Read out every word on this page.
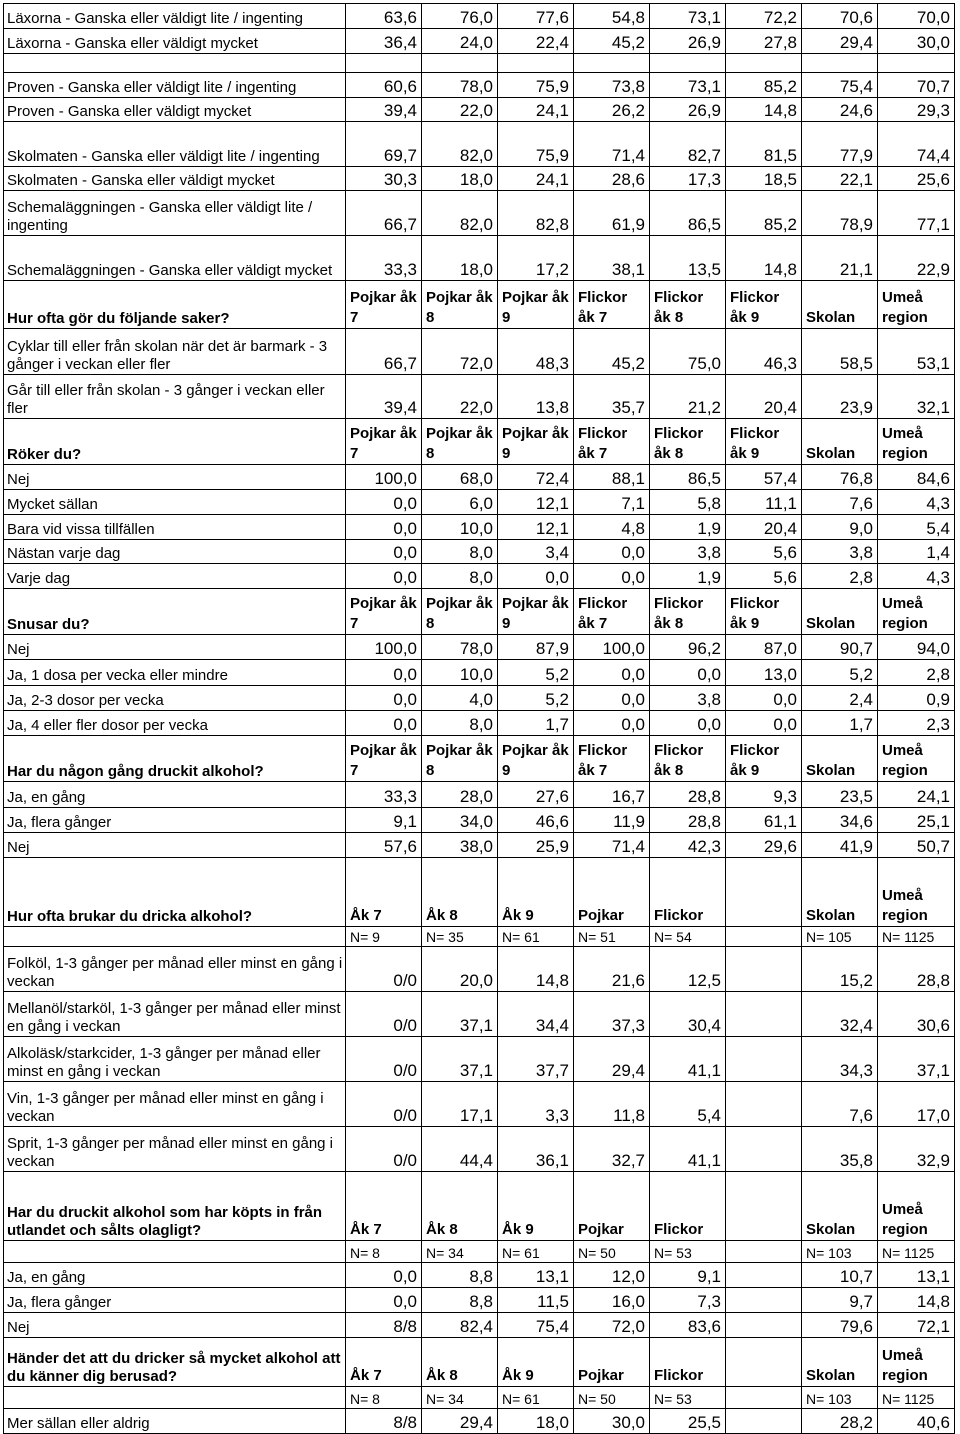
Läxorna - Ganska eller väldigt lite / ingenting	63,6	76,0	77,6	54,8	73,1	72,2	70,6	70,0
Läxorna - Ganska eller väldigt mycket	36,4	24,0	22,4	45,2	26,9	27,8	29,4	30,0

Proven - Ganska eller väldigt lite / ingenting	60,6	78,0	75,9	73,8	73,1	85,2	75,4	70,7
Proven - Ganska eller väldigt mycket	39,4	22,0	24,1	26,2	26,9	14,8	24,6	29,3
Skolmaten - Ganska eller väldigt lite / ingenting	69,7	82,0	75,9	71,4	82,7	81,5	77,9	74,4
Skolmaten - Ganska eller väldigt mycket	30,3	18,0	24,1	28,6	17,3	18,5	22,1	25,6
Schemaläggningen - Ganska eller väldigt lite / ingenting	66,7	82,0	82,8	61,9	86,5	85,2	78,9	77,1
Schemaläggningen - Ganska eller väldigt mycket	33,3	18,0	17,2	38,1	13,5	14,8	21,1	22,9
Hur ofta gör du följande saker?	Pojkar åk 7	Pojkar åk 8	Pojkar åk 9	Flickor åk 7	Flickor åk 8	Flickor åk 9	Skolan	Umeå region
Cyklar till eller från skolan när det är barmark - 3 gånger i veckan eller fler	66,7	72,0	48,3	45,2	75,0	46,3	58,5	53,1
Går till eller från skolan - 3 gånger i veckan eller fler	39,4	22,0	13,8	35,7	21,2	20,4	23,9	32,1
Röker du?	Pojkar åk 7	Pojkar åk 8	Pojkar åk 9	Flickor åk 7	Flickor åk 8	Flickor åk 9	Skolan	Umeå region
Nej	100,0	68,0	72,4	88,1	86,5	57,4	76,8	84,6
Mycket sällan	0,0	6,0	12,1	7,1	5,8	11,1	7,6	4,3
Bara vid vissa tillfällen	0,0	10,0	12,1	4,8	1,9	20,4	9,0	5,4
Nästan varje dag	0,0	8,0	3,4	0,0	3,8	5,6	3,8	1,4
Varje dag	0,0	8,0	0,0	0,0	1,9	5,6	2,8	4,3
Snusar du?	Pojkar åk 7	Pojkar åk 8	Pojkar åk 9	Flickor åk 7	Flickor åk 8	Flickor åk 9	Skolan	Umeå region
Nej	100,0	78,0	87,9	100,0	96,2	87,0	90,7	94,0
Ja, 1 dosa per vecka eller mindre	0,0	10,0	5,2	0,0	0,0	13,0	5,2	2,8
Ja, 2-3 dosor per vecka	0,0	4,0	5,2	0,0	3,8	0,0	2,4	0,9
Ja, 4 eller fler dosor per vecka	0,0	8,0	1,7	0,0	0,0	0,0	1,7	2,3
Har du någon gång druckit alkohol?	Pojkar åk 7	Pojkar åk 8	Pojkar åk 9	Flickor åk 7	Flickor åk 8	Flickor åk 9	Skolan	Umeå region
Ja, en gång	33,3	28,0	27,6	16,7	28,8	9,3	23,5	24,1
Ja, flera gånger	9,1	34,0	46,6	11,9	28,8	61,1	34,6	25,1
Nej	57,6	38,0	25,9	71,4	42,3	29,6	41,9	50,7
Hur ofta brukar du dricka alkohol?	Åk 7	Åk 8	Åk 9	Pojkar	Flickor		Skolan	Umeå region
	N= 9	N= 35	N= 61	N= 51	N= 54		N= 105	N= 1125
Folköl, 1-3 gånger per månad eller minst en gång i veckan	0/0	20,0	14,8	21,6	12,5		15,2	28,8
Mellanöl/starköl, 1-3 gånger per månad eller minst en gång i veckan	0/0	37,1	34,4	37,3	30,4		32,4	30,6
Alkoläsk/starkcider, 1-3 gånger per månad eller minst en gång i veckan	0/0	37,1	37,7	29,4	41,1		34,3	37,1
Vin, 1-3 gånger per månad eller minst en gång i veckan	0/0	17,1	3,3	11,8	5,4		7,6	17,0
Sprit, 1-3 gånger per månad eller minst en gång i veckan	0/0	44,4	36,1	32,7	41,1		35,8	32,9
Har du druckit alkohol som har köpts in från utlandet och sålts olagligt?	Åk 7	Åk 8	Åk 9	Pojkar	Flickor		Skolan	Umeå region
	N= 8	N= 34	N= 61	N= 50	N= 53		N= 103	N= 1125
Ja, en gång	0,0	8,8	13,1	12,0	9,1		10,7	13,1
Ja, flera gånger	0,0	8,8	11,5	16,0	7,3		9,7	14,8
Nej	8/8	82,4	75,4	72,0	83,6		79,6	72,1
Händer det att du dricker så mycket alkohol att du känner dig berusad?	Åk 7	Åk 8	Åk 9	Pojkar	Flickor		Skolan	Umeå region
	N= 8	N= 34	N= 61	N= 50	N= 53		N= 103	N= 1125
Mer sällan eller aldrig	8/8	29,4	18,0	30,0	25,5		28,2	40,6
